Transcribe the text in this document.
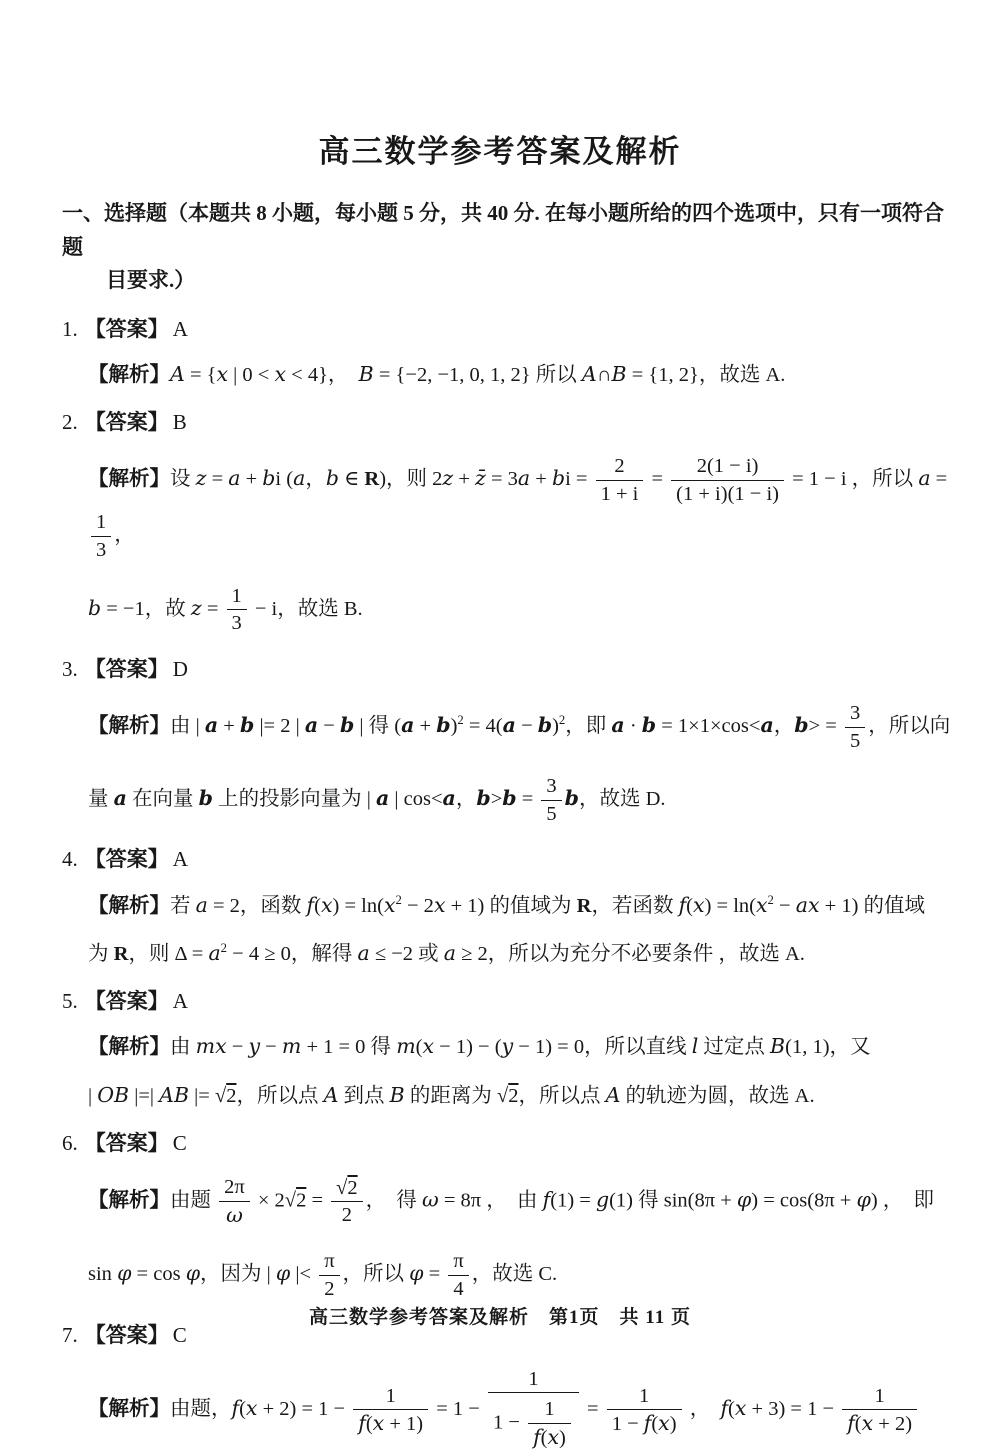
高三数学参考答案及解析
一、选择题（本题共 8 小题，每小题 5 分，共 40 分. 在每小题所给的四个选项中，只有一项符合题
目要求.）
1. 【答案】 A
【解析】A = {x | 0 < x < 4}，　B = {−2, −1, 0, 1, 2} 所以 A∩B = {1, 2}，故选 A.
2. 【答案】 B
【解析】设 z = a + bi (a，b ∈ R)，则 2z + z̄ = 3a + bi = $\frac{2}{1 + i} = \frac{2(1 - i)}{(1 + i)(1 - i)} = 1 - i$ ，所以 a =
$\frac{1}{3}$ ，
b = −1，故 $z = \frac{1}{3} - i$，故选 B.
3. 【答案】 D
【解析】由 | a + b |= 2 | a − b | 得 $(a + b)^2 = 4(a - b)^2$，即 a · b = 1×1×cos<a，$b> = \frac{3}{5}$ ，所以向
量 a 在向量 b 上的投影向量为 | a | cos<a，$b>b = \frac{3}{5}$ b，故选 D.
4. 【答案】 A
【解析】若 a = 2，函数 $f(x) = \ln(x^2 - 2x + 1)$ 的值域为 R，若函数 $f(x) = \ln(x^2$ − ax + 1) 的值域
为 R，则 $\Delta = a^2 - 4 \ge 0$，解得 a ≤ −2 或 a ≥ 2，所以为充分不必要条件 ，故选 A.
5. 【答案】 A
【解析】由 mx − y − m + 1 = 0 得 m(x − 1) − (y − 1) = 0，所以直线 l 过定点 B(1, 1)，又
| OB |=| AB |= √2，所以点 A 到点 B 的距离为 √2，所以点 A 的轨迹为圆，故选 A.
6. 【答案】 C
【解析】由题 $\frac{2\pi}{\omega} \times 2√2 = \frac{√2}{2}$ ，　得 ω = 8π ，　由 f(1) = g(1) 得 sin(8π + φ) = cos(8π + φ) ，　即
sin φ = cos φ，因为 | φ |< $\frac{\pi}{2}$ ，所以 $\varphi = \frac{\pi}{4}$ ，故选 C.
7. 【答案】 C
【解析】由题，$f(x + 2) = 1 - \frac{1}{f(x + 1)} = 1 - \frac{1}{1 - \frac{1}{f(x)}} = \frac{1}{1 - f(x)}$ ，　$f(x + 3) = 1 - \frac{1}{f(x + 2)}$
高三数学参考答案及解析　第1页　共 11 页
